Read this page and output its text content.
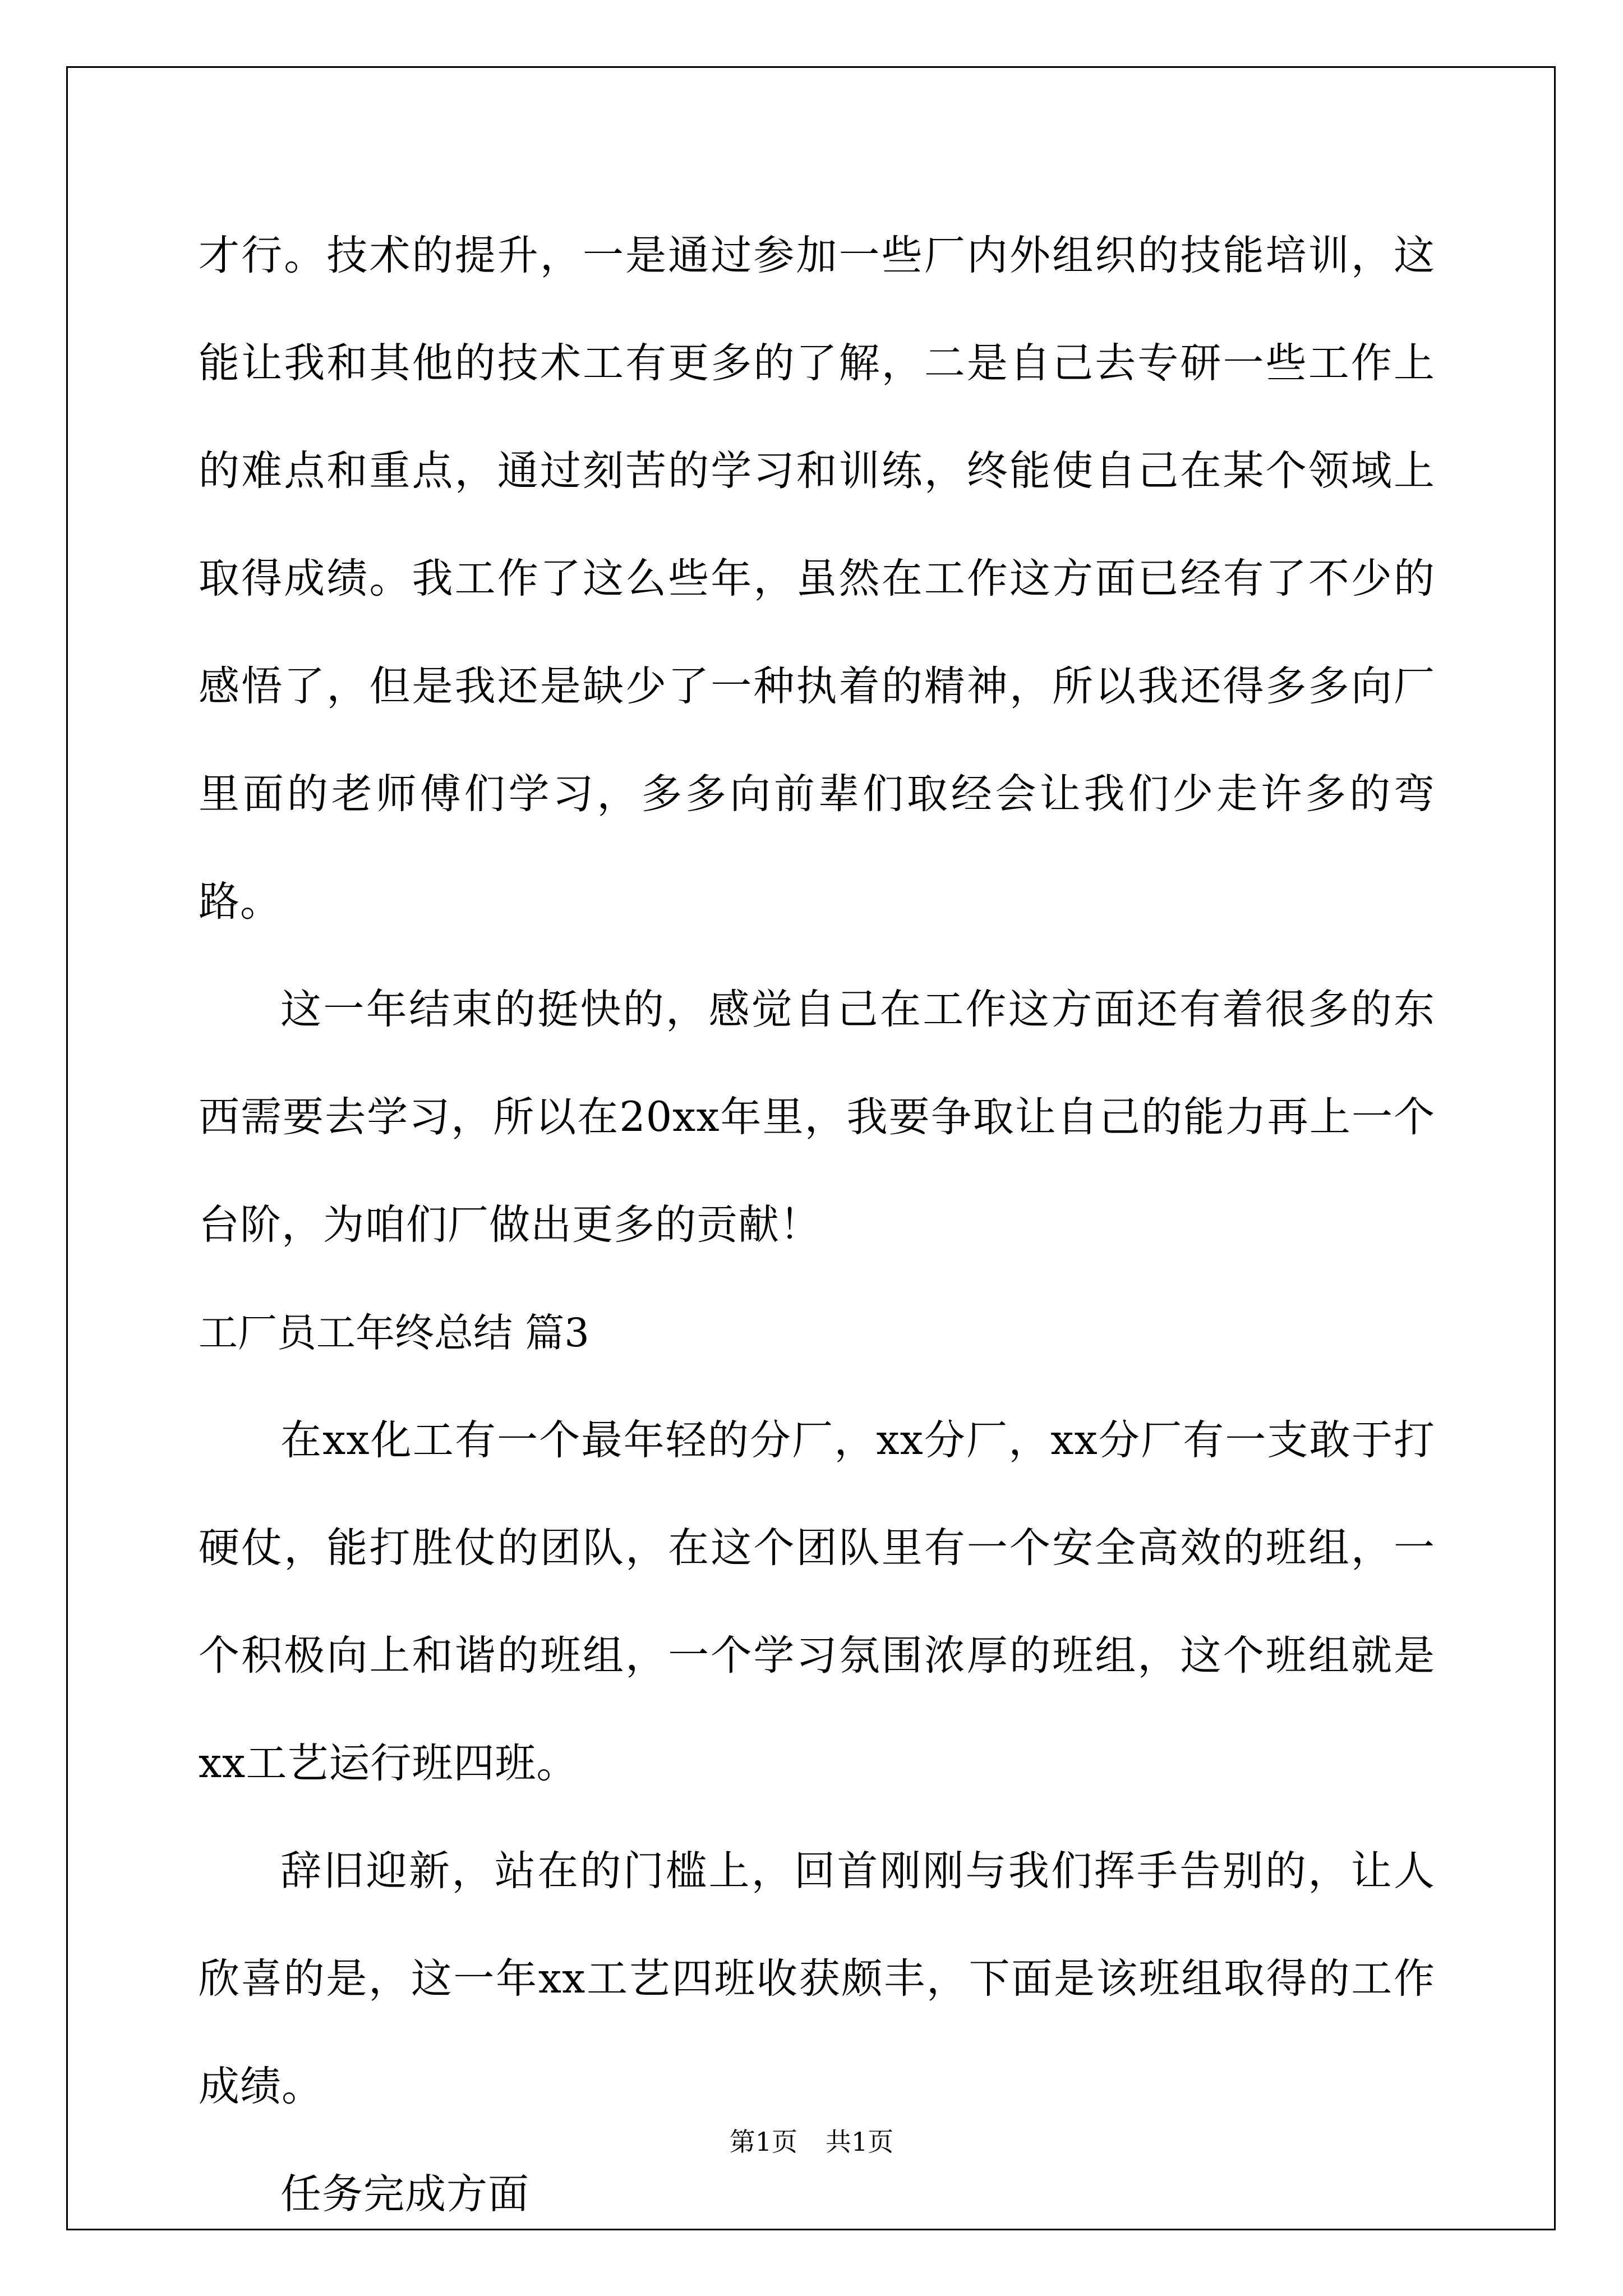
才行。技术的提升，一是通过参加一些厂内外组织的技能培训，这能让我和其他的技术工有更多的了解，二是自己去专研一些工作上的难点和重点，通过刻苦的学习和训练，终能使自己在某个领域上取得成绩。我工作了这么些年，虽然在工作这方面已经有了不少的感悟了，但是我还是缺少了一种执着的精神，所以我还得多多向厂里面的老师傅们学习，多多向前辈们取经会让我们少走许多的弯路。

这一年结束的挺快的，感觉自己在工作这方面还有着很多的东西需要去学习，所以在20xx年里，我要争取让自己的能力再上一个台阶，为咱们厂做出更多的贡献！

工厂员工年终总结 篇3

在xx化工有一个最年轻的分厂，xx分厂，xx分厂有一支敢于打硬仗，能打胜仗的团队，在这个团队里有一个安全高效的班组，一个积极向上和谐的班组，一个学习氛围浓厚的班组，这个班组就是xx工艺运行班四班。

辞旧迎新，站在的门槛上，回首刚刚与我们挥手告别的，让人欣喜的是，这一年xx工艺四班收获颇丰，下面是该班组取得的工作成绩。

任务完成方面

第1页 共1页
